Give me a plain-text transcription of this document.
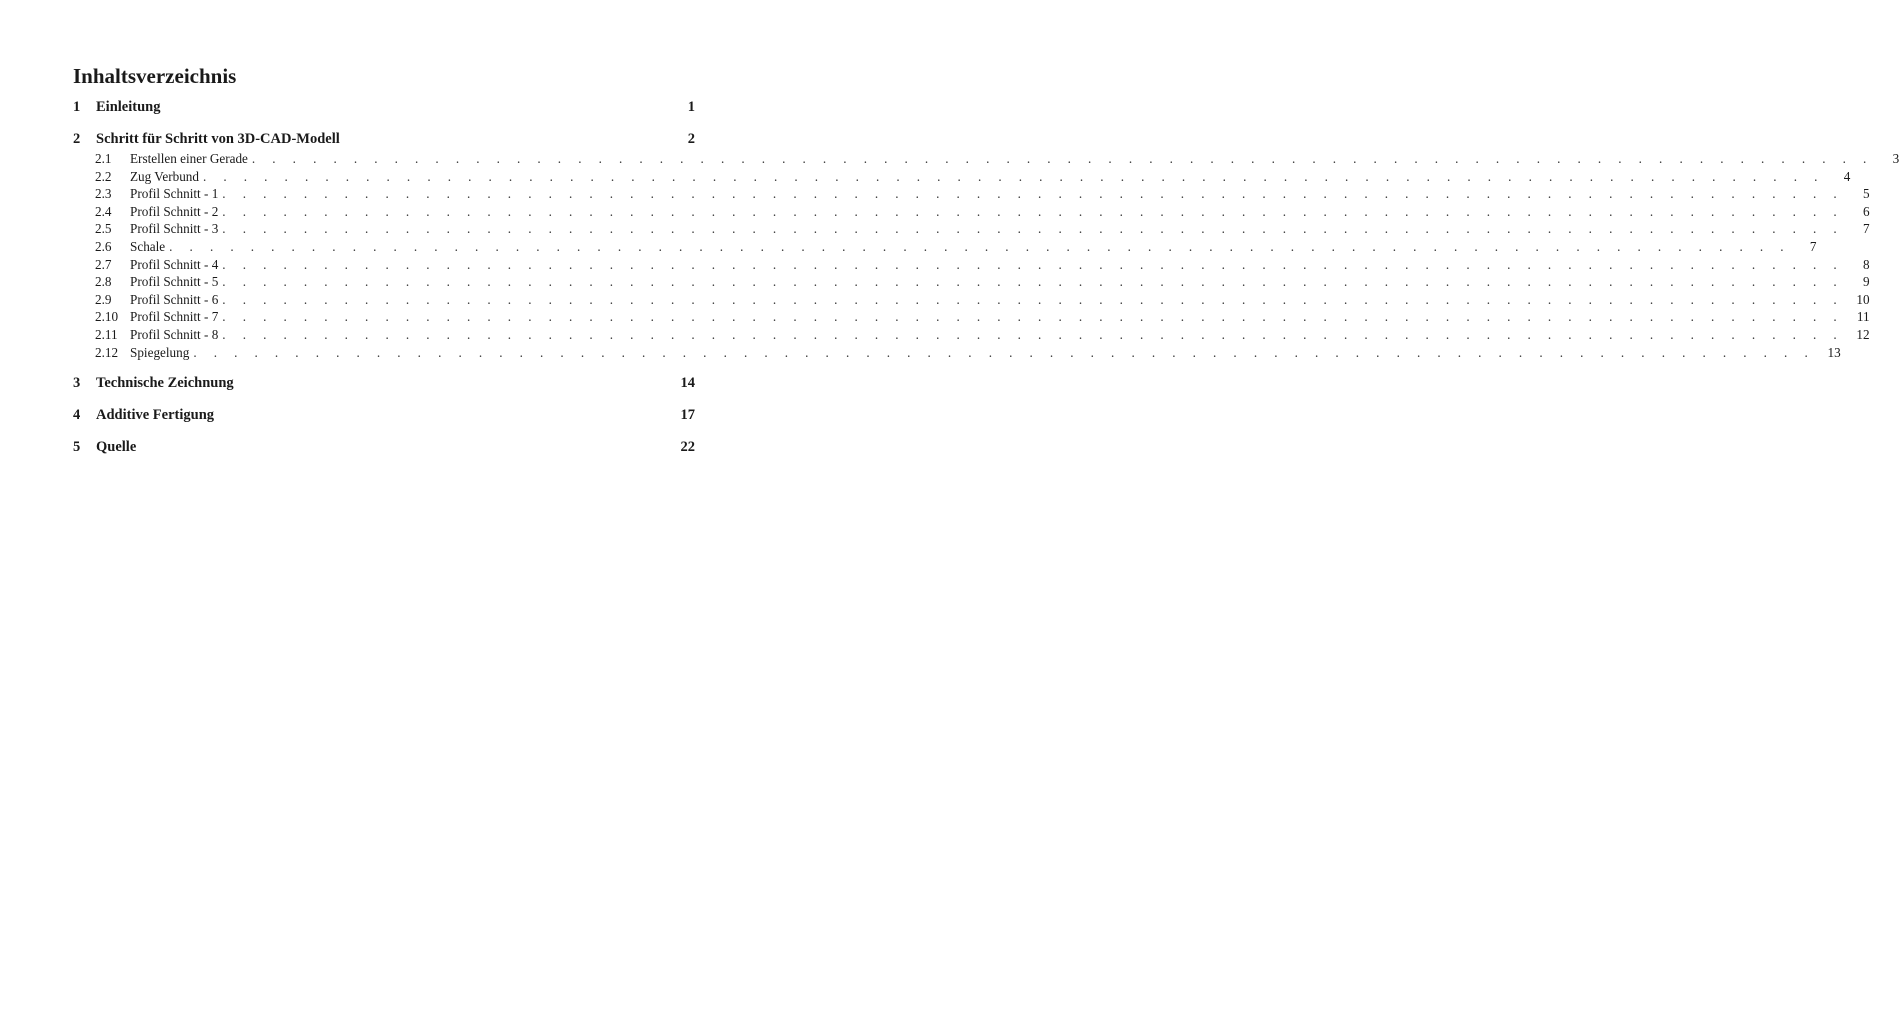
Inhaltsverzeichnis
1	Einleitung	1
2	Schritt für Schritt von 3D-CAD-Modell	2
2.1	Erstellen einer Gerade . . . . . . . . . . . . . . . . . . . . . . . . . . . . . . . . . . . . . . . . . . . . . . . . . . . . . . . . . . . . . . . . . . . . . . . . . . . . . . . .	3
2.2	Zug Verbund . . . . . . . . . . . . . . . . . . . . . . . . . . . . . . . . . . . . . . . . . . . . . . . . . . . . . . . . . . . . . . . . . . . . . . . . . . . . . . . .	4
2.3	Profil Schnitt - 1 . . . . . . . . . . . . . . . . . . . . . . . . . . . . . . . . . . . . . . . . . . . . . . . . . . . . . . . . . . . . . . . . . . . . . . . . . . . . . . . .	5
2.4	Profil Schnitt - 2 . . . . . . . . . . . . . . . . . . . . . . . . . . . . . . . . . . . . . . . . . . . . . . . . . . . . . . . . . . . . . . . . . . . . . . . . . . . . . . . .	6
2.5	Profil Schnitt - 3 . . . . . . . . . . . . . . . . . . . . . . . . . . . . . . . . . . . . . . . . . . . . . . . . . . . . . . . . . . . . . . . . . . . . . . . . . . . . . . . .	7
2.6	Schale . . . . . . . . . . . . . . . . . . . . . . . . . . . . . . . . . . . . . . . . . . . . . . . . . . . . . . . . . . . . . . . . . . . . . . . . . . . . . . . .	7
2.7	Profil Schnitt - 4 . . . . . . . . . . . . . . . . . . . . . . . . . . . . . . . . . . . . . . . . . . . . . . . . . . . . . . . . . . . . . . . . . . . . . . . . . . . . . . . .	8
2.8	Profil Schnitt - 5 . . . . . . . . . . . . . . . . . . . . . . . . . . . . . . . . . . . . . . . . . . . . . . . . . . . . . . . . . . . . . . . . . . . . . . . . . . . . . . . .	9
2.9	Profil Schnitt - 6 . . . . . . . . . . . . . . . . . . . . . . . . . . . . . . . . . . . . . . . . . . . . . . . . . . . . . . . . . . . . . . . . . . . . . . . . . . . . . . . . 10
2.10 Profil Schnitt - 7 . . . . . . . . . . . . . . . . . . . . . . . . . . . . . . . . . . . . . . . . . . . . . . . . . . . . . . . . . . . . . . . . . . . . . . . . . . . . . . . .	11
2.11 Profil Schnitt - 8 . . . . . . . . . . . . . . . . . . . . . . . . . . . . . . . . . . . . . . . . . . . . . . . . . . . . . . . . . . . . . . . . . . . . . . . . . . . . . . . . 12
2.12 Spiegelung . . . . . . . . . . . . . . . . . . . . . . . . . . . . . . . . . . . . . . . . . . . . . . . . . . . . . . . . . . . . . . . . . . . . . . . . . . . . . . . . 13
3	Technische Zeichnung	14
4	Additive Fertigung	17
5	Quelle	22
